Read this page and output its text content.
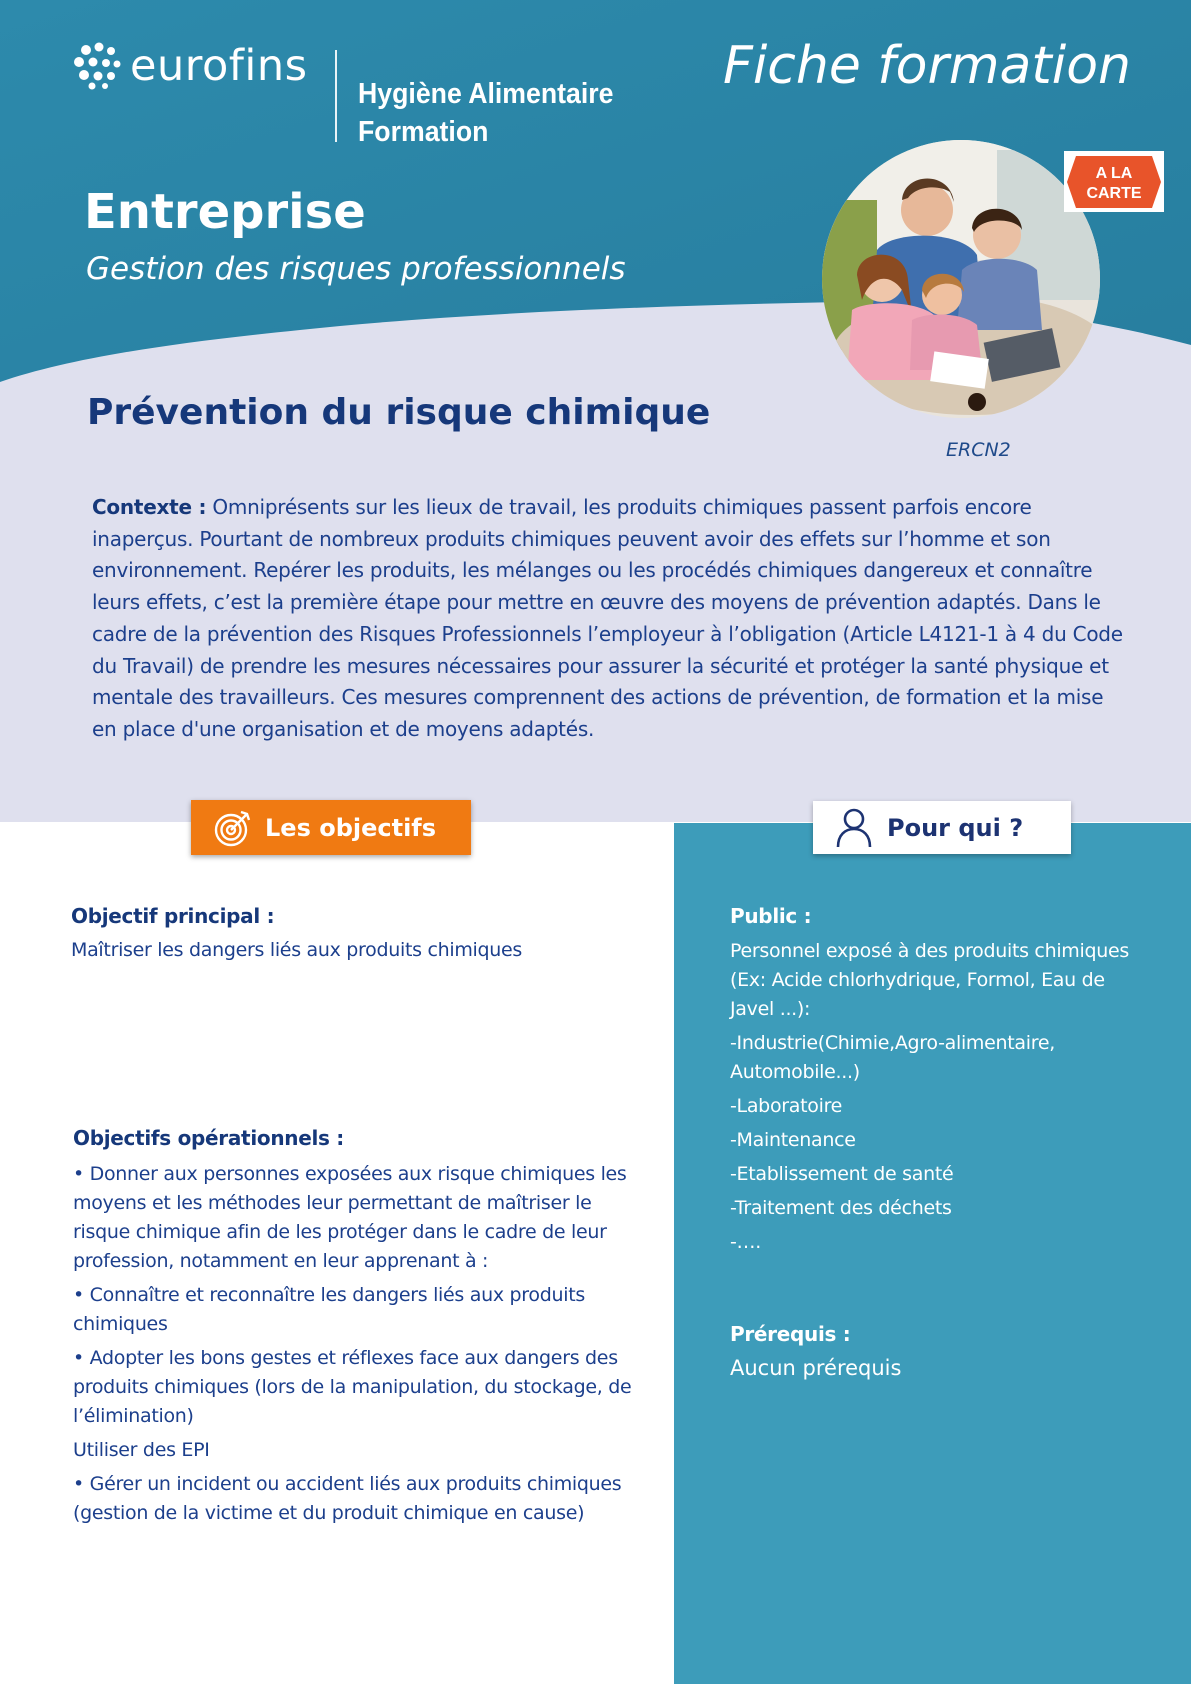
eurofins
Hygiène Alimentaire
Formation
Fiche formation
Entreprise
Gestion des risques professionnels
A LA
CARTE
Prévention du risque chimique
ERCN2

Contexte : Omniprésents sur les lieux de travail, les produits chimiques passent parfois encore inaperçus. Pourtant de nombreux produits chimiques peuvent avoir des effets sur l’homme et son environnement. Repérer les produits, les mélanges ou les procédés chimiques dangereux et connaître leurs effets, c’est la première étape pour mettre en œuvre des moyens de prévention adaptés. Dans le cadre de la prévention des Risques Professionnels l’employeur à l’obligation (Article L4121-1 à 4 du Code du Travail) de prendre les mesures nécessaires pour assurer la sécurité et protéger la santé physique et mentale des travailleurs. Ces mesures comprennent des actions de prévention, de formation et la mise en place d'une organisation et de moyens adaptés.

Les objectifs	Pour qui ?
Objectif principal :
Maîtriser les dangers liés aux produits chimiques
Objectifs opérationnels :
• Donner aux personnes exposées aux risque chimiques les moyens et les méthodes leur permettant de maîtriser le risque chimique afin de les protéger dans le cadre de leur profession, notamment en leur apprenant à :
• Connaître et reconnaître les dangers liés aux produits chimiques
• Adopter les bons gestes et réflexes face aux dangers des produits chimiques (lors de la manipulation, du stockage, de l’élimination)
Utiliser des EPI
• Gérer un incident ou accident liés aux produits chimiques (gestion de la victime et du produit chimique en cause)
Public :
Personnel exposé à des produits chimiques (Ex: Acide chlorhydrique, Formol, Eau de Javel ...):
-Industrie(Chimie,Agro-alimentaire, Automobile...)
-Laboratoire
-Maintenance
-Etablissement de santé
-Traitement des déchets
-….
Prérequis :
Aucun prérequis
